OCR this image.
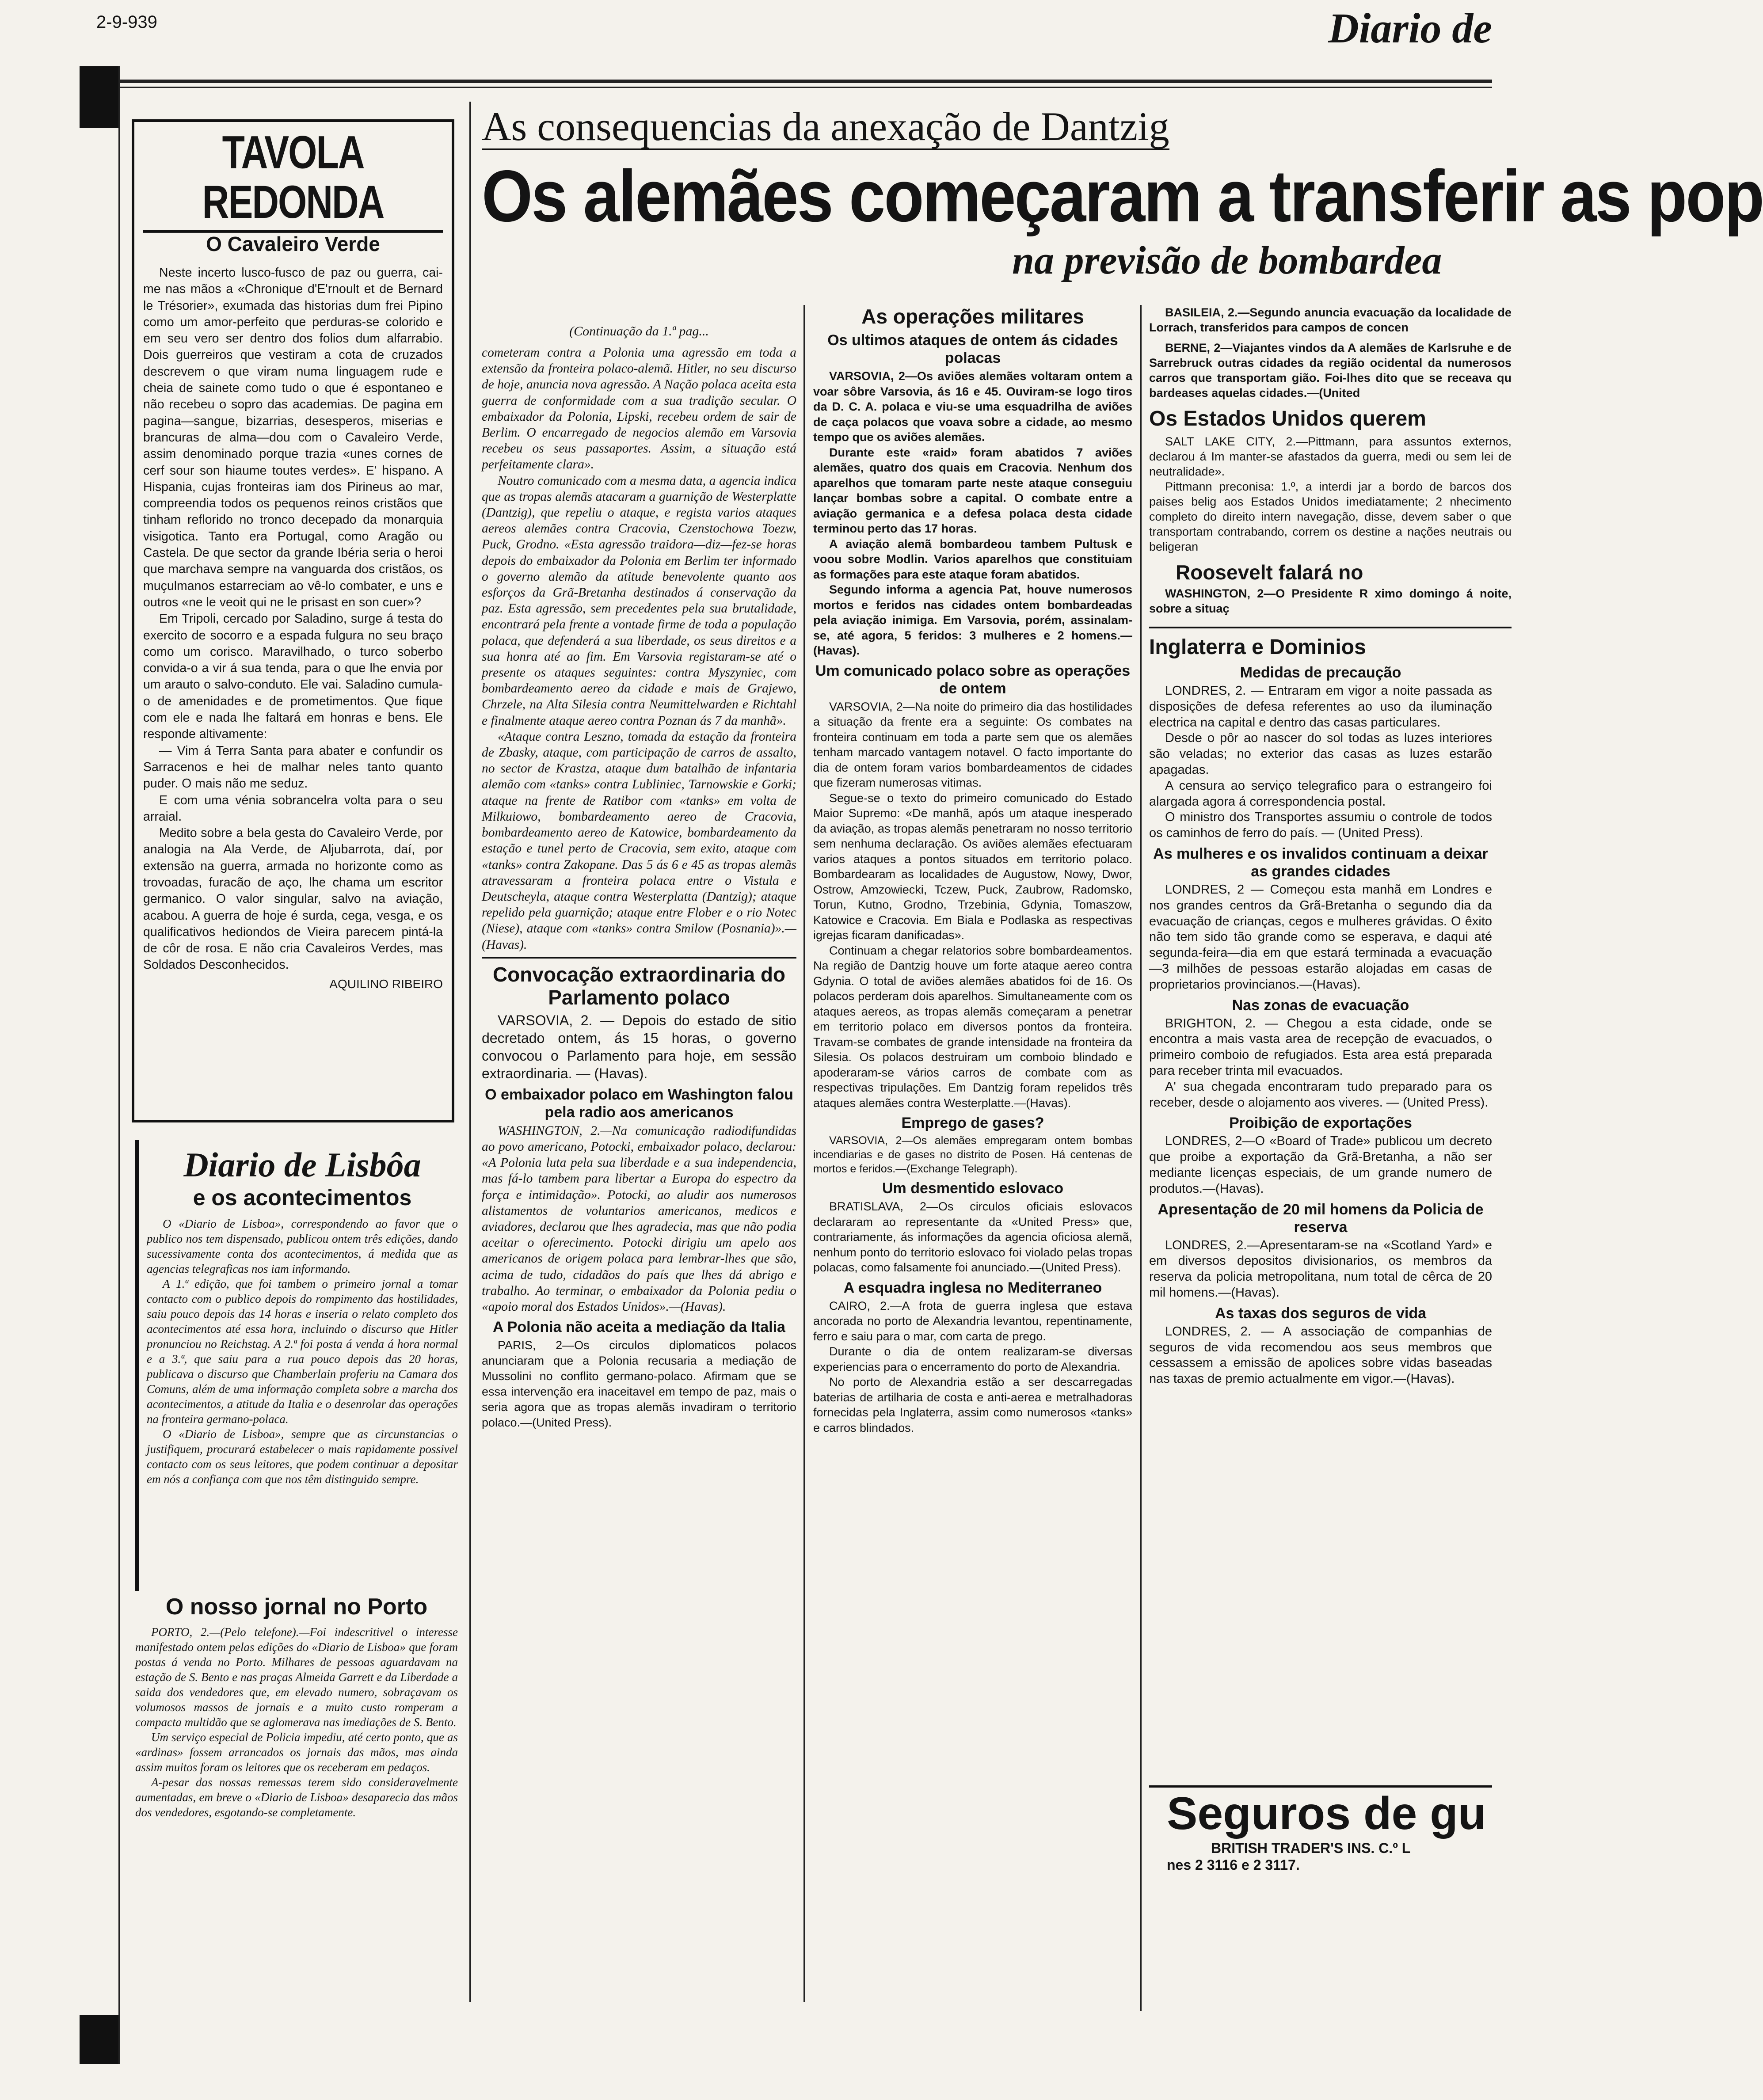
2-9-939	Diario de
TAVOLA REDONDA
O Cavaleiro Verde

Neste incerto lusco-fusco de paz ou guerra, cai-me nas mãos a «Chronique d'E'rnoult et de Bernard le Trésorier», exumada das historias dum frei Pipino como um amor-perfeito que perduras-se colorido e em seu vero ser dentro dos folios dum alfarrabio. Dois guerreiros que vestiram a cota de cruzados descrevem o que viram numa linguagem rude e cheia de sainete como tudo o que é espontaneo e não recebeu o sopro das academias. De pagina em pagina—sangue, bizarrias, desesperos, miserias e brancuras de alma—dou com o Cavaleiro Verde, assim denominado porque trazia «unes cornes de cerf sour son hiaume toutes verdes». E' hispano. A Hispania, cujas fronteiras iam dos Pirineus ao mar, compreendia todos os pequenos reinos cristãos que tinham reflorido no tronco decepado da monarquia visigotica. Tanto era Portugal, como Aragão ou Castela. De que sector da grande Ibéria seria o heroi que marchava sempre na vanguarda dos cristãos, os muçulmanos estarreciam ao vê-lo combater, e uns e outros «ne le veoit qui ne le prisast en son cuer»?

Em Tripoli, cercado por Saladino, surge á testa do exercito de socorro e a espada fulgura no seu braço como um corisco. Maravilhado, o turco soberbo convida-o a vir á sua tenda, para o que lhe envia por um arauto o salvo-conduto. Ele vai. Saladino cumula-o de amenidades e de prometimentos. Que fique com ele e nada lhe faltará em honras e bens. Ele responde altivamente:

— Vim á Terra Santa para abater e confundir os Sarracenos e hei de malhar neles tanto quanto puder. O mais não me seduz.

E com uma vénia sobrancelra volta para o seu arraial.

Medito sobre a bela gesta do Cavaleiro Verde, por analogia na Ala Verde, de Aljubarrota, daí, por extensão na guerra, armada no horizonte como as trovoadas, furacão de aço, lhe chama um escritor germanico. O valor singular, salvo na aviação, acabou. A guerra de hoje é surda, cega, vesga, e os qualificativos hediondos de Vieira parecem pintá-la de côr de rosa. E não cria Cavaleiros Verdes, mas Soldados Desconhecidos.

AQUILINO RIBEIRO
Diario de Lisbôa
e os acontecimentos

O «Diario de Lisboa», correspondendo ao favor que o publico nos tem dispensado, publicou ontem três edições, dando sucessivamente conta dos acontecimentos, á medida que as agencias telegraficas nos iam informando.

A 1.ª edição, que foi tambem o primeiro jornal a tomar contacto com o publico depois do rompimento das hostilidades, saiu pouco depois das 14 horas e inseria o relato completo dos acontecimentos até essa hora, incluindo o discurso que Hitler pronunciou no Reichstag. A 2.ª foi posta á venda á hora normal e a 3.ª, que saiu para a rua pouco depois das 20 horas, publicava o discurso que Chamberlain proferiu na Camara dos Comuns, além de uma informação completa sobre a marcha dos acontecimentos, a atitude da Italia e o desenrolar das operações na fronteira germano-polaca.

O «Diario de Lisboa», sempre que as circunstancias o justifiquem, procurará estabelecer o mais rapidamente possivel contacto com os seus leitores, que podem continuar a depositar em nós a confiança com que nos têm distinguido sempre.

O nosso jornal no Porto

PORTO, 2.—(Pelo telefone).—Foi indescritivel o interesse manifestado ontem pelas edições do «Diario de Lisboa» que foram postas á venda no Porto. Milhares de pessoas aguardavam na estação de S. Bento e nas praças Almeida Garrett e da Liberdade a saida dos vendedores que, em elevado numero, sobraçavam os volumosos massos de jornais e a muito custo romperam a compacta multidão que se aglomerava nas imediações de S. Bento.

Um serviço especial de Policia impediu, até certo ponto, que as «ardinas» fossem arrancados os jornais das mãos, mas ainda assim muitos foram os leitores que os receberam em pedaços.

A-pesar das nossas remessas terem sido consideravelmente aumentadas, em breve o «Diario de Lisboa» desaparecia das mãos dos vendedores, esgotando-se completamente.

As consequencias da anexação de Dantzig
Os alemães começaram a transferir as pop
na previsão de bombardea
(Continuação da 1.ª pag...

cometeram contra a Polonia uma agressão em toda a extensão da fronteira polaco-alemã. Hitler, no seu discurso de hoje, anuncia nova agressão. A Nação polaca aceita esta guerra de conformidade com a sua tradição secular. O embaixador da Polonia, Lipski, recebeu ordem de sair de Berlim. O encarregado de negocios alemão em Varsovia recebeu os seus passaportes. Assim, a situação está perfeitamente clara».

Noutro comunicado com a mesma data, a agencia indica que as tropas alemãs atacaram a guarnição de Westerplatte (Dantzig), que repeliu o ataque, e regista varios ataques aereos alemães contra Cracovia, Czenstochowa Toezw, Puck, Grodno. «Esta agressão traidora—diz—fez-se horas depois do embaixador da Polonia em Berlim ter informado o governo alemão da atitude benevolente quanto aos esforços da Grã-Bretanha destinados á conservação da paz. Esta agressão, sem precedentes pela sua brutalidade, encontrará pela frente a vontade firme de toda a população polaca, que defenderá a sua liberdade, os seus direitos e a sua honra até ao fim. Em Varsovia registaram-se até o presente os ataques seguintes: contra Myszyniec, com bombardeamento aereo da cidade e mais de Grajewo, Chrzele, na Alta Silesia contra Neumittelwarden e Richtahl e finalmente ataque aereo contra Poznan ás 7 da manhã».

«Ataque contra Leszno, tomada da estação da fronteira de Zbasky, ataque, com participação de carros de assalto, no sector de Krastza, ataque dum batalhão de infantaria alemão com «tanks» contra Lubliniec, Tarnowskie e Gorki; ataque na frente de Ratibor com «tanks» em volta de Milkuiowo, bombardeamento aereo de Cracovia, bombardeamento aereo de Katowice, bombardeamento da estação e tunel perto de Cracovia, sem exito, ataque com «tanks» contra Zakopane. Das 5 ás 6 e 45 as tropas alemãs atravessaram a fronteira polaca entre o Vistula e Deutscheyla, ataque contra Westerplatta (Dantzig); ataque repelido pela guarnição; ataque entre Flober e o rio Notec (Niese), ataque com «tanks» contra Smilow (Posnania)».—(Havas).

Convocação extraordinaria do Parlamento polaco
VARSOVIA, 2. — Depois do estado de sitio decretado ontem, ás 15 horas, o governo convocou o Parlamento para hoje, em sessão extraordinaria. — (Havas).
O embaixador polaco em Washington falou pela radio aos americanos
WASHINGTON, 2.—Na comunicação radiodifundidas ao povo americano, Potocki, embaixador polaco, declarou: «A Polonia luta pela sua liberdade e a sua independencia, mas fá-lo tambem para libertar a Europa do espectro da força e intimidação». Potocki, ao aludir aos numerosos alistamentos de voluntarios americanos, medicos e aviadores, declarou que lhes agradecia, mas que não podia aceitar o oferecimento. Potocki dirigiu um apelo aos americanos de origem polaca para lembrar-lhes que são, acima de tudo, cidadãos do país que lhes dá abrigo e trabalho. Ao terminar, o embaixador da Polonia pediu o «apoio moral dos Estados Unidos».—(Havas).
A Polonia não aceita a mediação da Italia
PARIS, 2—Os circulos diplomaticos polacos anunciaram que a Polonia recusaria a mediação de Mussolini no conflito germano-polaco. Afirmam que se essa intervenção era inaceitavel em tempo de paz, mais o seria agora que as tropas alemãs invadiram o territorio polaco.—(United Press).
As operações militares
Os ultimos ataques de ontem ás cidades polacas

VARSOVIA, 2—Os aviões alemães voltaram ontem a voar sôbre Varsovia, ás 16 e 45. Ouviram-se logo tiros da D. C. A. polaca e viu-se uma esquadrilha de aviões de caça polacos que voava sobre a cidade, ao mesmo tempo que os aviões alemães.

Durante este «raid» foram abatidos 7 aviões alemães, quatro dos quais em Cracovia. Nenhum dos aparelhos que tomaram parte neste ataque conseguiu lançar bombas sobre a capital. O combate entre a aviação germanica e a defesa polaca desta cidade terminou perto das 17 horas.

A aviação alemã bombardeou tambem Pultusk e voou sobre Modlin. Varios aparelhos que constituiam as formações para este ataque foram abatidos.

Segundo informa a agencia Pat, houve numerosos mortos e feridos nas cidades ontem bombardeadas pela aviação inimiga. Em Varsovia, porém, assinalam-se, até agora, 5 feridos: 3 mulheres e 2 homens.—(Havas).

Um comunicado polaco sobre as operações de ontem

VARSOVIA, 2—Na noite do primeiro dia das hostilidades a situação da frente era a seguinte: Os combates na fronteira continuam em toda a parte sem que os alemães tenham marcado vantagem notavel. O facto importante do dia de ontem foram varios bombardeamentos de cidades que fizeram numerosas vitimas.

Segue-se o texto do primeiro comunicado do Estado Maior Supremo: «De manhã, após um ataque inesperado da aviação, as tropas alemãs penetraram no nosso territorio sem nenhuma declaração. Os aviões alemães efectuaram varios ataques a pontos situados em territorio polaco. Bombardearam as localidades de Augustow, Nowy, Dwor, Ostrow, Amzowiecki, Tczew, Puck, Zaubrow, Radomsko, Torun, Kutno, Grodno, Trzebinia, Gdynia, Tomaszow, Katowice e Cracovia. Em Biala e Podlaska as respectivas igrejas ficaram danificadas».

Continuam a chegar relatorios sobre bombardeamentos. Na região de Dantzig houve um forte ataque aereo contra Gdynia. O total de aviões alemães abatidos foi de 16. Os polacos perderam dois aparelhos. Simultaneamente com os ataques aereos, as tropas alemãs começaram a penetrar em territorio polaco em diversos pontos da fronteira. Travam-se combates de grande intensidade na fronteira da Silesia. Os polacos destruiram um comboio blindado e apoderaram-se vários carros de combate com as respectivas tripulações. Em Dantzig foram repelidos três ataques alemães contra Westerplatte.—(Havas).

Emprego de gases?
VARSOVIA, 2—Os alemães empregaram ontem bombas incendiarias e de gases no distrito de Posen. Há centenas de mortos e feridos.—(Exchange Telegraph).
Um desmentido eslovaco
BRATISLAVA, 2—Os circulos oficiais eslovacos declararam ao representante da «United Press» que, contrariamente, ás informações da agencia oficiosa alemã, nenhum ponto do territorio eslovaco foi violado pelas tropas polacas, como falsamente foi anunciado.—(United Press).
A esquadra inglesa no Mediterraneo

CAIRO, 2.—A frota de guerra inglesa que estava ancorada no porto de Alexandria levantou, repentinamente, ferro e saiu para o mar, com carta de prego.

Durante o dia de ontem realizaram-se diversas experiencias para o encerramento do porto de Alexandria.

No porto de Alexandria estão a ser descarregadas baterias de artilharia de costa e anti-aerea e metralhadoras fornecidas pela Inglaterra, assim como numerosos «tanks» e carros blindados.

BASILEIA, 2.—Segundo anuncia evacuação da localidade de Lorrach, transferidos para campos de concen
BERNE, 2—Viajantes vindos da A alemães de Karlsruhe e de Sarrebruck outras cidades da região ocidental da numerosos carros que transportam gião. Foi-lhes dito que se receava qu bardeases aquelas cidades.—(United
Os Estados Unidos querem

SALT LAKE CITY, 2.—Pittmann, para assuntos externos, declarou á Im manter-se afastados da guerra, medi ou sem lei de neutralidade».

Pittmann preconisa: 1.º, a interdi jar a bordo de barcos dos paises belig aos Estados Unidos imediatamente; 2 nhecimento completo do direito intern navegação, disse, devem saber o que transportam contrabando, correm os destine a nações neutrais ou beligeran

Roosevelt falará no
WASHINGTON, 2—O Presidente R ximo domingo á noite, sobre a situaç
Inglaterra e Dominios
Medidas de precaução

LONDRES, 2. — Entraram em vigor a noite passada as disposições de defesa referentes ao uso da iluminação electrica na capital e dentro das casas particulares.

Desde o pôr ao nascer do sol todas as luzes interiores são veladas; no exterior das casas as luzes estarão apagadas.

A censura ao serviço telegrafico para o estrangeiro foi alargada agora á correspondencia postal.

O ministro dos Transportes assumiu o controle de todos os caminhos de ferro do país. — (United Press).

As mulheres e os invalidos continuam a deixar as grandes cidades
LONDRES, 2 — Começou esta manhã em Londres e nos grandes centros da Grã-Bretanha o segundo dia da evacuação de crianças, cegos e mulheres grávidas. O êxito não tem sido tão grande como se esperava, e daqui até segunda-feira—dia em que estará terminada a evacuação—3 milhões de pessoas estarão alojadas em casas de proprietarios provincianos.—(Havas).
Nas zonas de evacuação

BRIGHTON, 2. — Chegou a esta cidade, onde se encontra a mais vasta area de recepção de evacuados, o primeiro comboio de refugiados. Esta area está preparada para receber trinta mil evacuados.

A' sua chegada encontraram tudo preparado para os receber, desde o alojamento aos viveres. — (United Press).

Proibição de exportações
LONDRES, 2—O «Board of Trade» publicou um decreto que proibe a exportação da Grã-Bretanha, a não ser mediante licenças especiais, de um grande numero de produtos.—(Havas).
Apresentação de 20 mil homens da Policia de reserva
LONDRES, 2.—Apresentaram-se na «Scotland Yard» e em diversos depositos divisionarios, os membros da reserva da policia metropolitana, num total de cêrca de 20 mil homens.—(Havas).
As taxas dos seguros de vida
LONDRES, 2. — A associação de companhias de seguros de vida recomendou aos seus membros que cessassem a emissão de apolices sobre vidas baseadas nas taxas de premio actualmente em vigor.—(Havas).
Seguros de gu
BRITISH TRADER'S INS. C.º L
nes 2 3116 e 2 3117.
